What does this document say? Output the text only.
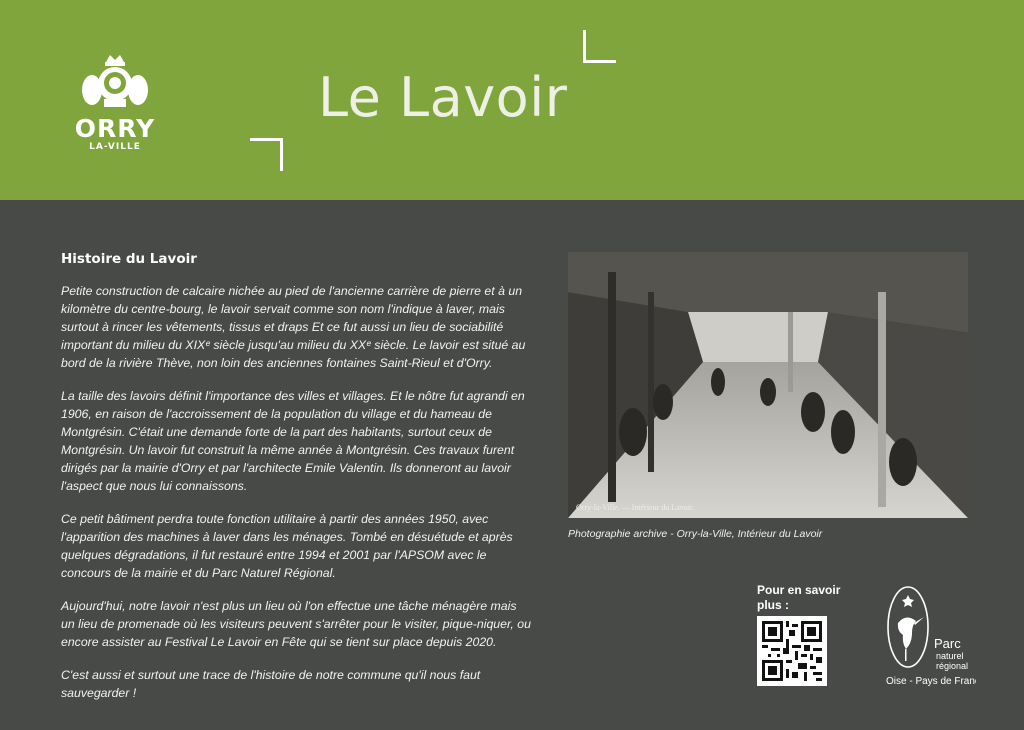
ORRY
LA-VILLE
Le Lavoir
Histoire du Lavoir

Petite construction de calcaire nichée au pied de l'ancienne carrière de pierre et à un kilomètre du centre-bourg, le lavoir servait comme son nom l'indique à laver, mais surtout à rincer les vêtements, tissus et draps Et ce fut aussi un lieu de sociabilité important du milieu du XIXᵉ siècle jusqu'au milieu du XXᵉ siècle. Le lavoir est situé au bord de la rivière Thève, non loin des anciennes fontaines Saint-Rieul et d'Orry.

La taille des lavoirs définit l'importance des villes et villages. Et le nôtre fut agrandi en 1906, en raison de l'accroissement de la population du village et du hameau de Montgrésin. C'était une demande forte de la part des habitants, surtout ceux de Montgrésin. Un lavoir fut construit la même année à Montgrésin. Ces travaux furent dirigés par la mairie d'Orry et par l'architecte Emile Valentin. Ils donneront au lavoir l'aspect que nous lui connaissons.

Ce petit bâtiment perdra toute fonction utilitaire à partir des années 1950, avec l'apparition des machines à laver dans les ménages. Tombé en désuétude et après quelques dégradations, il fut restauré entre 1994 et 2001 par l'APSOM avec le concours de la mairie et du Parc Naturel Régional.

Aujourd'hui, notre lavoir n'est plus un lieu où l'on effectue une tâche ménagère mais un lieu de promenade où les visiteurs peuvent s'arrêter pour le visiter, pique-niquer, ou encore assister au Festival Le Lavoir en Fête qui se tient sur place depuis 2020.

C'est aussi et surtout une trace de l'histoire de notre commune qu'il nous faut sauvegarder !

Orry-la-Ville. — Intérieur du Lavoir.
Photographie archive - Orry-la-Ville, Intérieur du Lavoir
Pour en savoir plus :
Parc
naturel
régional
Oise - Pays de France
